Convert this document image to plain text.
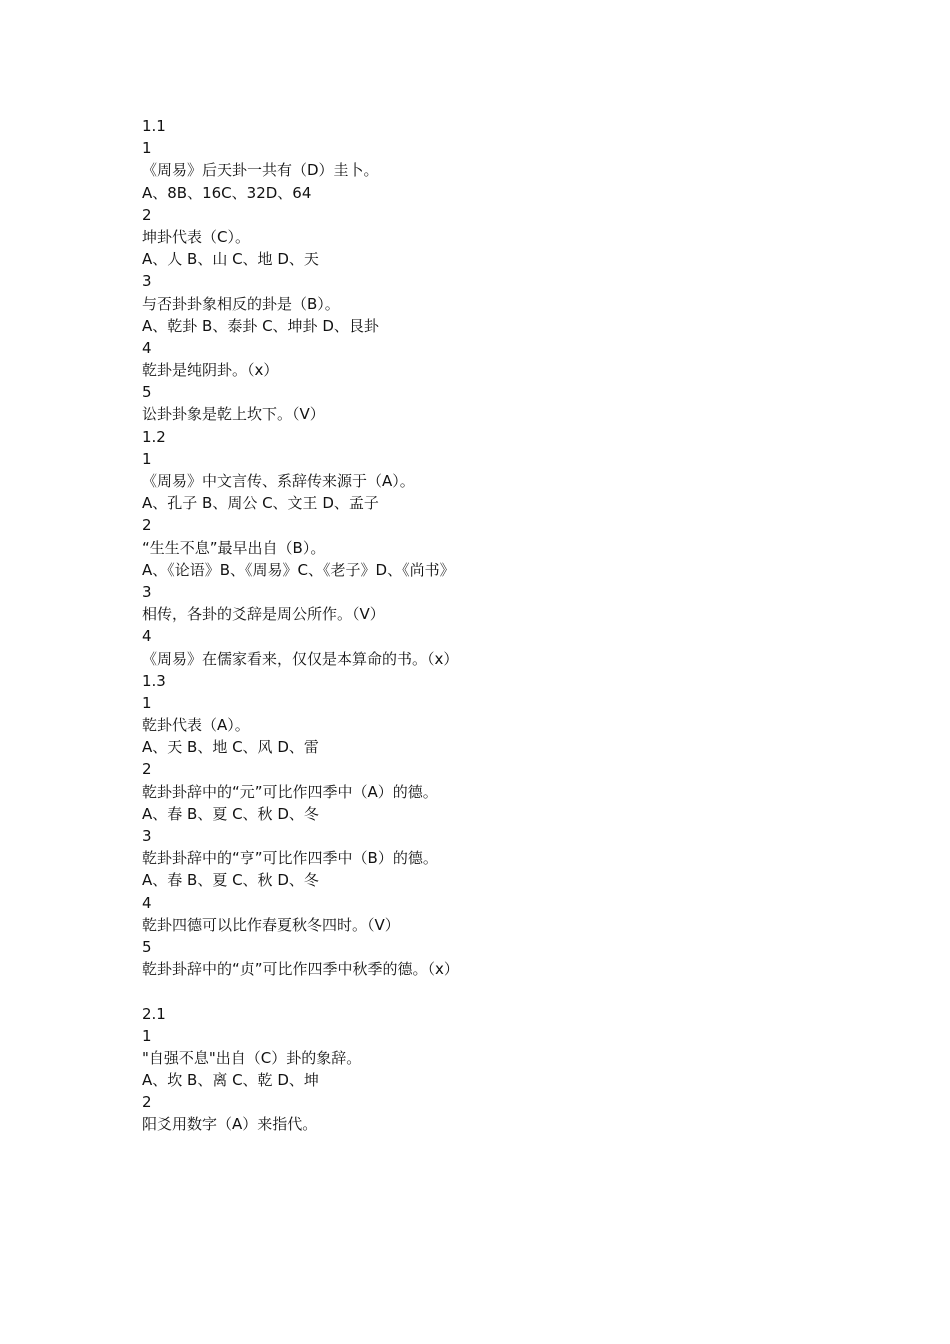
1.1
1
《周易》后天卦一共有（D）圭卜。
A、8B、16C、32D、64
2
坤卦代表（C）。
A、人 B、山 C、地 D、天
3
与否卦卦象相反的卦是（B）。
A、乾卦 B、泰卦 C、坤卦 D、艮卦
4
乾卦是纯阴卦。（x）
5
讼卦卦象是乾上坎下。（V）
1.2
1
《周易》中文言传、系辞传来源于（A）。
A、孔子 B、周公 C、文王 D、孟子
2
“生生不息”最早出自（B）。
A、《论语》B、《周易》C、《老子》D、《尚书》
3
相传，各卦的爻辞是周公所作。（V）
4
《周易》在儒家看来，仅仅是本算命的书。（x）
1.3
1
乾卦代表（A）。
A、天 B、地 C、风 D、雷
2
乾卦卦辞中的“元”可比作四季中（A）的德。
A、春 B、夏 C、秋 D、冬
3
乾卦卦辞中的“亨”可比作四季中（B）的德。
A、春 B、夏 C、秋 D、冬
4
乾卦四德可以比作春夏秋冬四时。（V）
5
乾卦卦辞中的“贞”可比作四季中秋季的德。（x）
2.1
1
"自强不息"出自（C）卦的象辞。
A、坎 B、离 C、乾 D、坤
2
阳爻用数字（A）来指代。
